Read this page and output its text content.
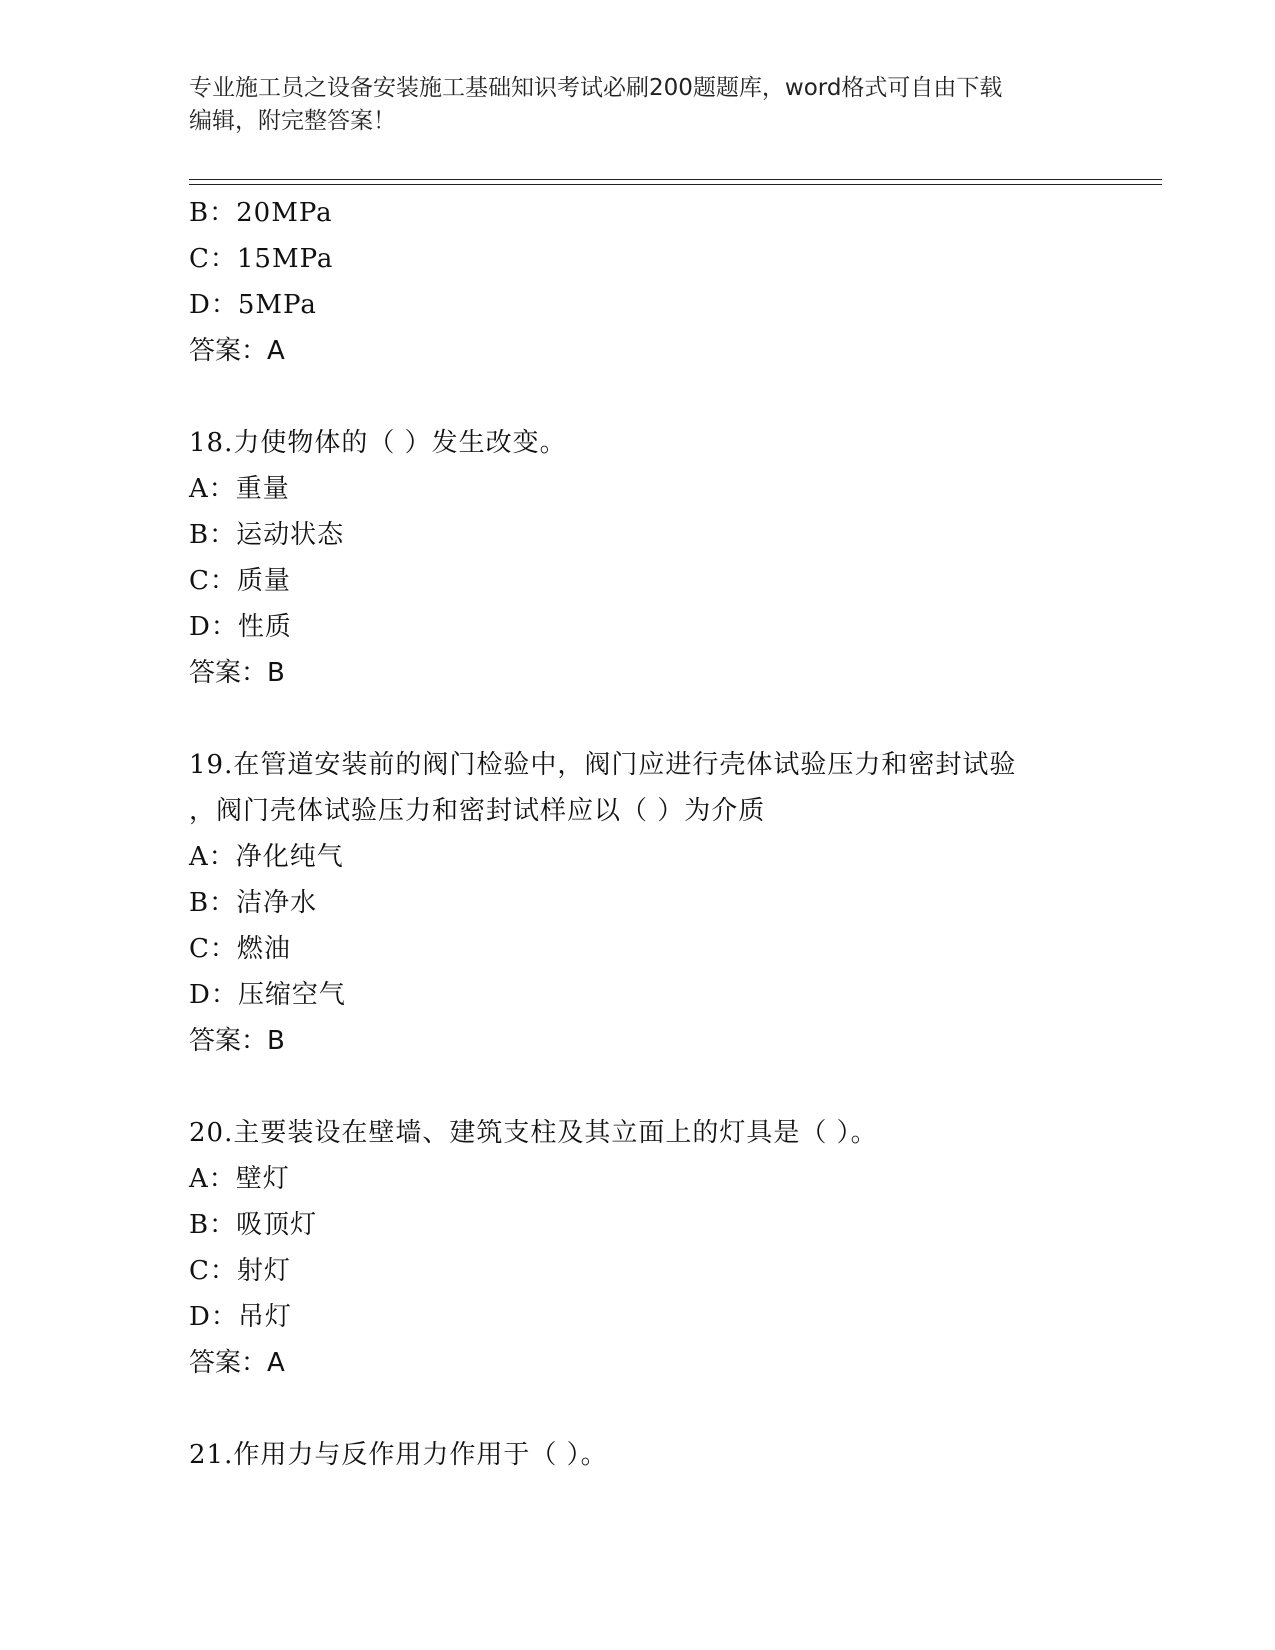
专业施工员之设备安装施工基础知识考试必刷200题题库，word格式可自由下载
编辑，附完整答案！
B：20MPa
C：15MPa
D：5MPa
答案：A
18.力使物体的（ ）发生改变。
A：重量
B：运动状态
C：质量
D：性质
答案：B
19.在管道安装前的阀门检验中，阀门应进行壳体试验压力和密封试验
，阀门壳体试验压力和密封试样应以（ ）为介质
A：净化纯气
B：洁净水
C：燃油
D：压缩空气
答案：B
20.主要装设在壁墙、建筑支柱及其立面上的灯具是（ ）。
A：壁灯
B：吸顶灯
C：射灯
D：吊灯
答案：A
21.作用力与反作用力作用于（ ）。
